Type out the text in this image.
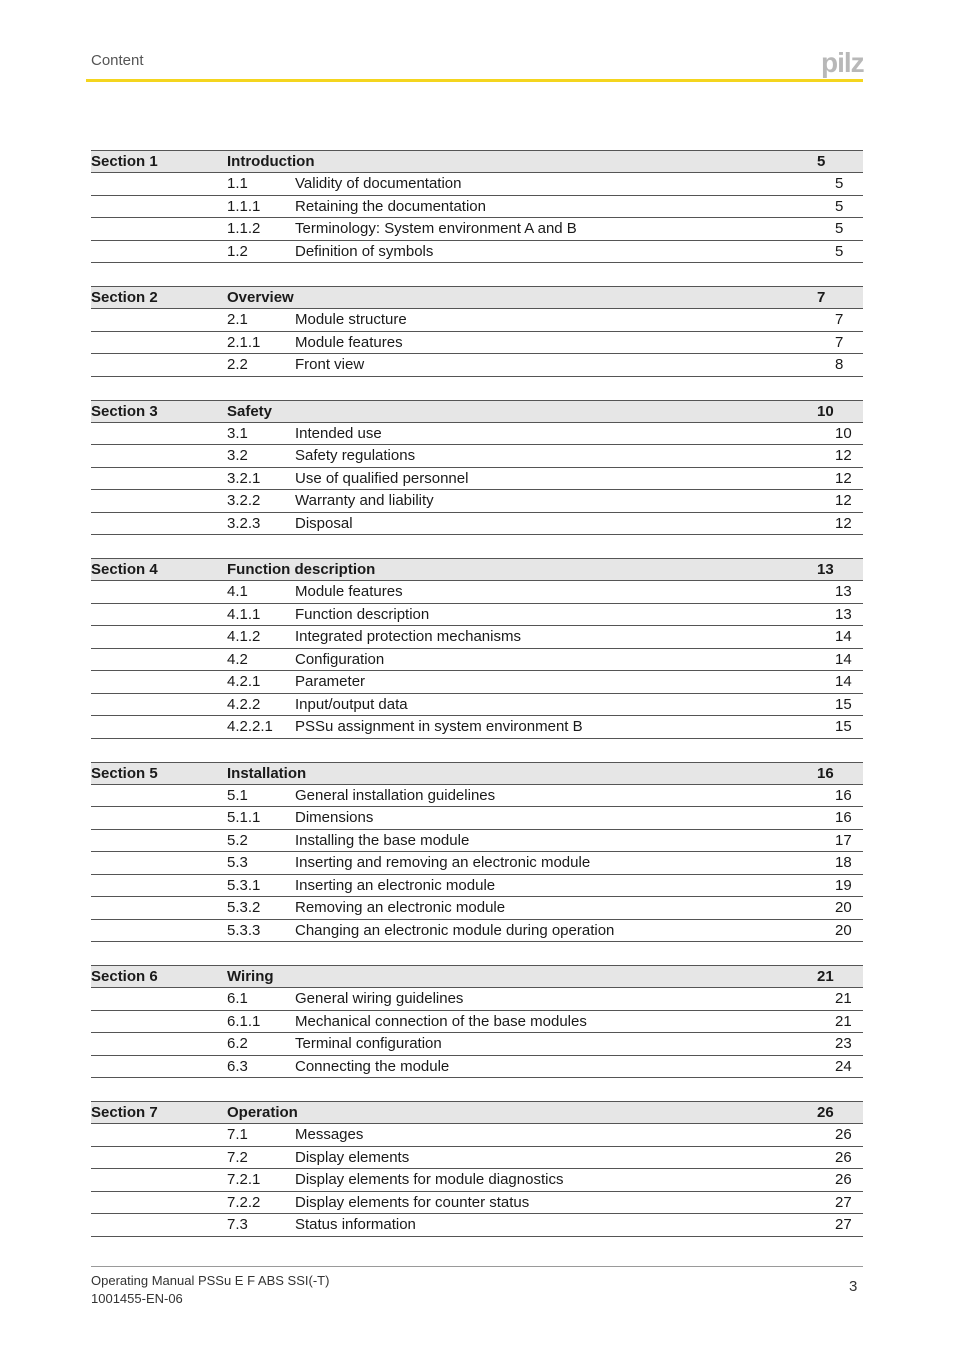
Content	pilz
Section 1	Introduction	5
1.1	Validity of documentation	5
1.1.1	Retaining the documentation	5
1.1.2	Terminology: System environment A and B	5
1.2	Definition of symbols	5
Section 2	Overview	7
2.1	Module structure	7
2.1.1	Module features	7
2.2	Front view	8
Section 3	Safety	10
3.1	Intended use	10
3.2	Safety regulations	12
3.2.1	Use of qualified personnel	12
3.2.2	Warranty and liability	12
3.2.3	Disposal	12
Section 4	Function description	13
4.1	Module features	13
4.1.1	Function description	13
4.1.2	Integrated protection mechanisms	14
4.2	Configuration	14
4.2.1	Parameter	14
4.2.2	Input/output data	15
4.2.2.1	PSSu assignment in system environment B	15
Section 5	Installation	16
5.1	General installation guidelines	16
5.1.1	Dimensions	16
5.2	Installing the base module	17
5.3	Inserting and removing an electronic module	18
5.3.1	Inserting an electronic module	19
5.3.2	Removing an electronic module	20
5.3.3	Changing an electronic module during operation	20
Section 6	Wiring	21
6.1	General wiring guidelines	21
6.1.1	Mechanical connection of the base modules	21
6.2	Terminal configuration	23
6.3	Connecting the module	24
Section 7	Operation	26
7.1	Messages	26
7.2	Display elements	26
7.2.1	Display elements for module diagnostics	26
7.2.2	Display elements for counter status	27
7.3	Status information	27
Operating Manual PSSu E F ABS SSI(-T)
1001455-EN-06
3
